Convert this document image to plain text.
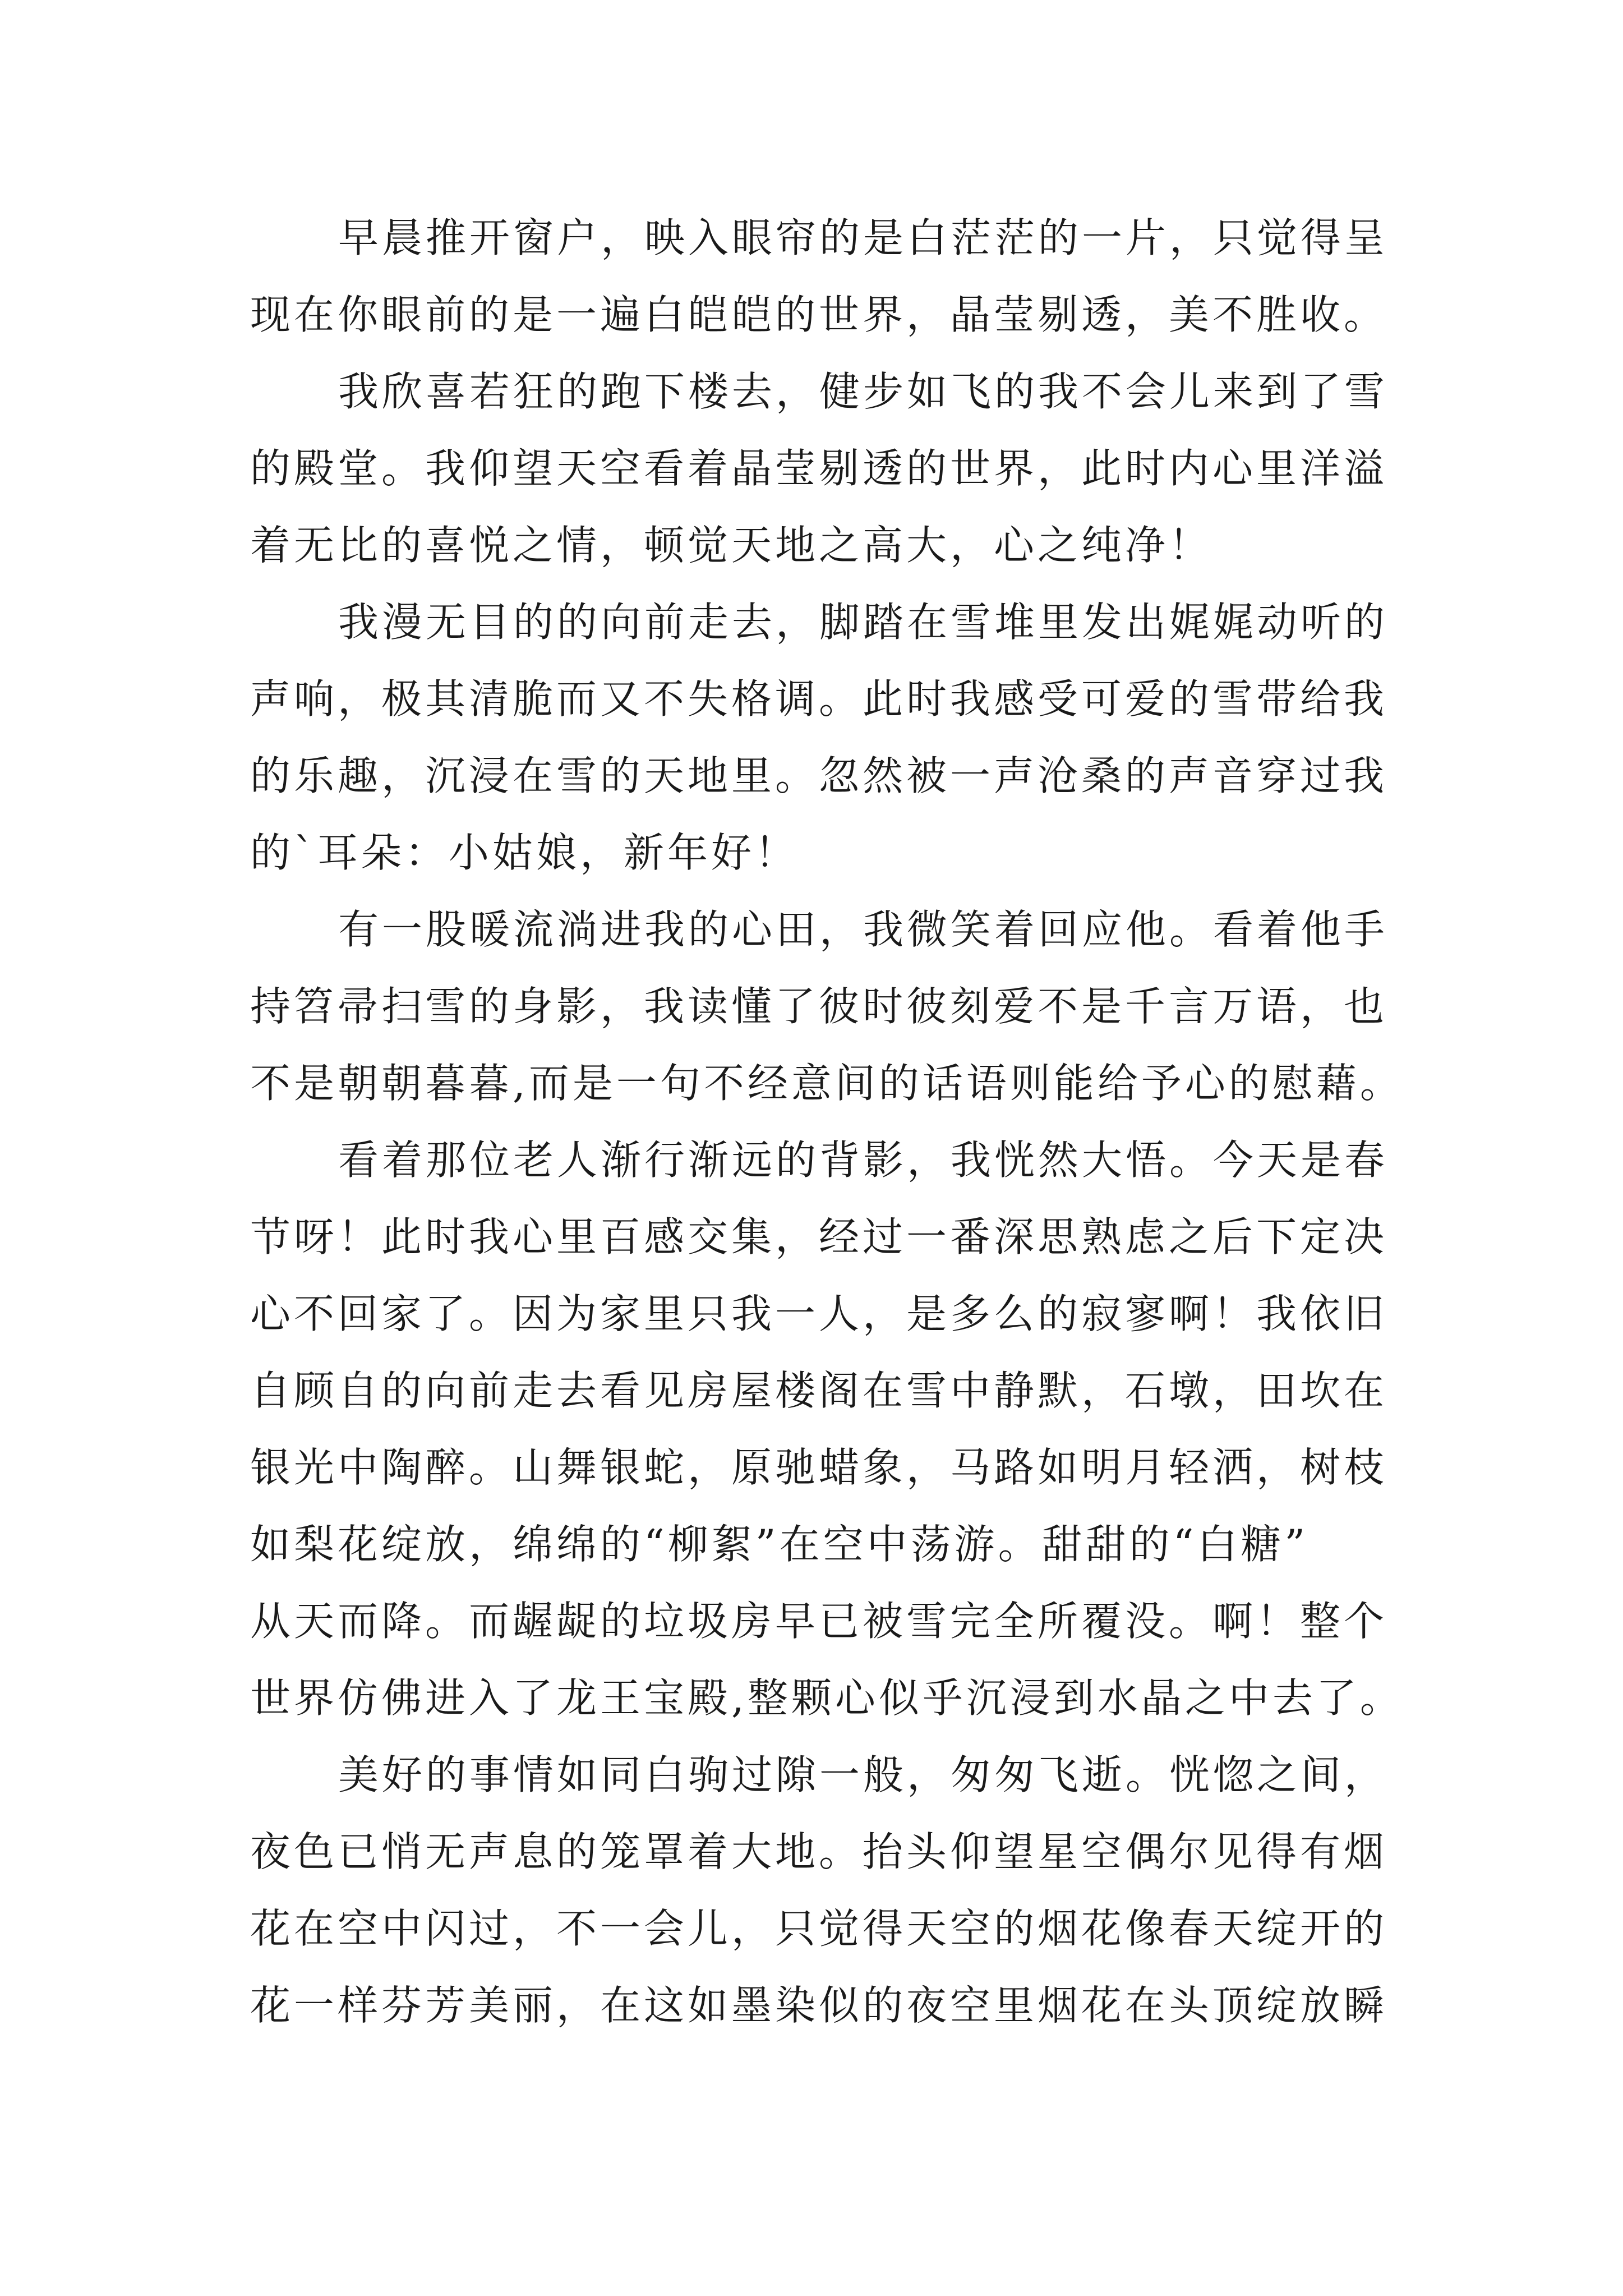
早晨推开窗户，映入眼帘的是白茫茫的一片，只觉得呈
现在你眼前的是一遍白皑皑的世界，晶莹剔透，美不胜收。
我欣喜若狂的跑下楼去，健步如飞的我不会儿来到了雪
的殿堂。我仰望天空看着晶莹剔透的世界，此时内心里洋溢
着无比的喜悦之情，顿觉天地之高大，心之纯净！
我漫无目的的向前走去，脚踏在雪堆里发出娓娓动听的
声响，极其清脆而又不失格调。此时我感受可爱的雪带给我
的乐趣，沉浸在雪的天地里。忽然被一声沧桑的声音穿过我
的`耳朵：小姑娘，新年好！
有一股暖流淌进我的心田，我微笑着回应他。看着他手
持笤帚扫雪的身影，我读懂了彼时彼刻爱不是千言万语，也
不是朝朝暮暮,而是一句不经意间的话语则能给予心的慰藉。
看着那位老人渐行渐远的背影，我恍然大悟。今天是春
节呀！此时我心里百感交集，经过一番深思熟虑之后下定决
心不回家了。因为家里只我一人，是多么的寂寥啊！我依旧
自顾自的向前走去看见房屋楼阁在雪中静默，石墩，田坎在
银光中陶醉。山舞银蛇，原驰蜡象，马路如明月轻洒，树枝
如梨花绽放，绵绵的“柳絮”在空中荡游。甜甜的“白糖”
从天而降。而龌龊的垃圾房早已被雪完全所覆没。啊！整个
世界仿佛进入了龙王宝殿,整颗心似乎沉浸到水晶之中去了。
美好的事情如同白驹过隙一般，匆匆飞逝。恍惚之间，
夜色已悄无声息的笼罩着大地。抬头仰望星空偶尔见得有烟
花在空中闪过，不一会儿，只觉得天空的烟花像春天绽开的
花一样芬芳美丽，在这如墨染似的夜空里烟花在头顶绽放瞬
